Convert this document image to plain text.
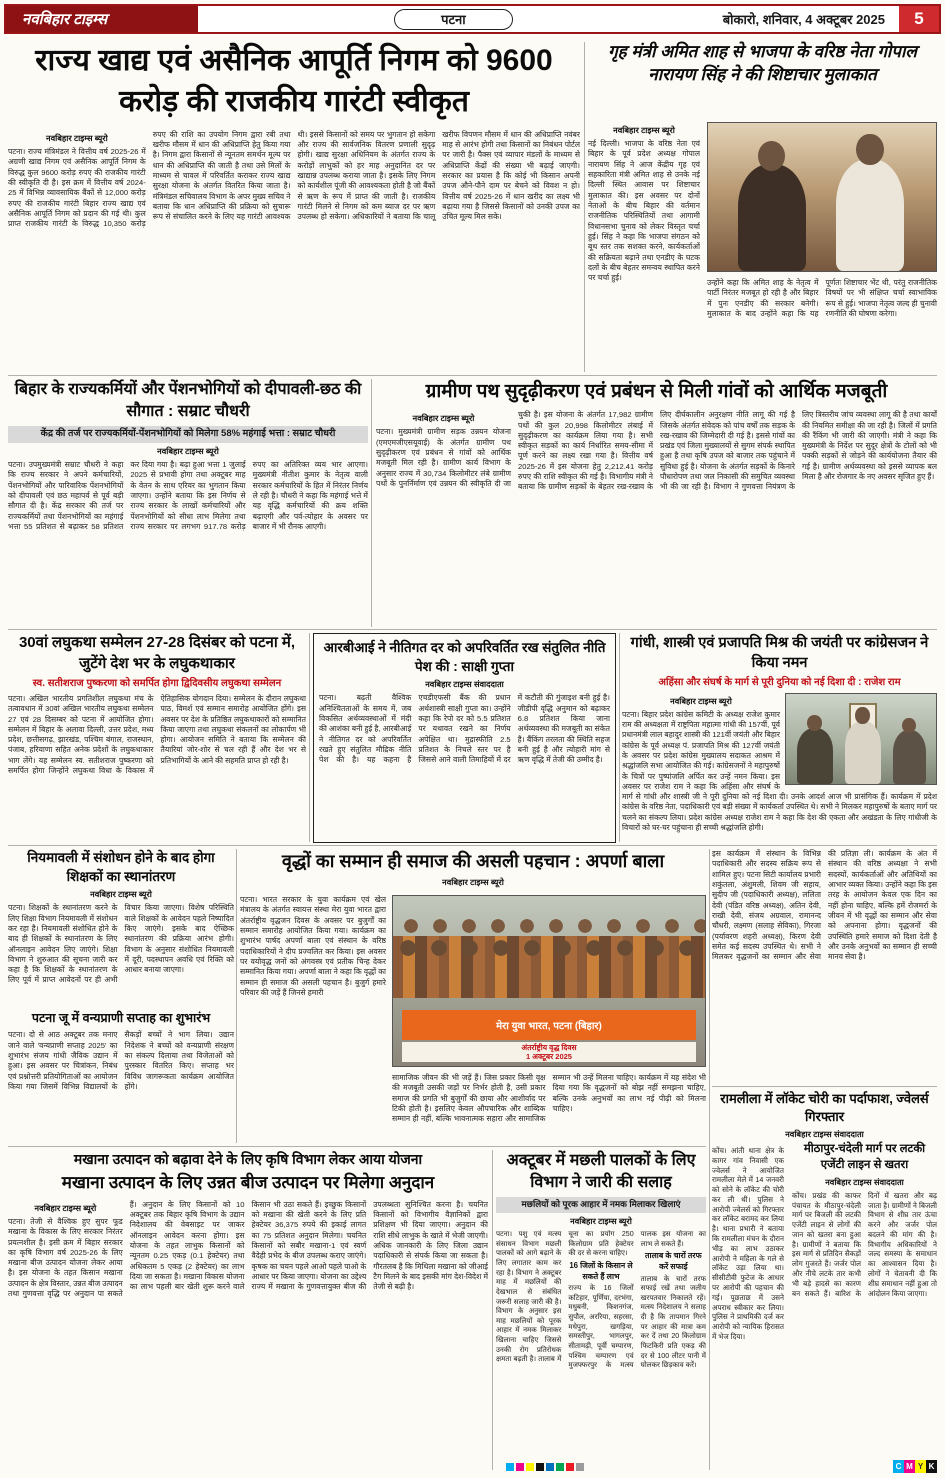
नवबिहार टाइम्स	पटना	बोकारो, शनिवार, 4 अक्टूबर 2025	5
राज्य खाद्य एवं असैनिक आपूर्ति निगम को 9600 करोड़ की राजकीय गारंटी स्वीकृत
नवबिहार टाइम्स ब्यूरो
पटना। राज्य मंत्रिमंडल ने वित्तीय वर्ष 2025-26 में अग्रणी खाद्य निगम एवं असैनिक आपूर्ति निगम के विरुद्ध कुल 9600 करोड़ रुपए की राजकीय गारंटी की स्वीकृति दी है। इस क्रम में वित्तीय वर्ष 2024-25 में विभिन्न व्यावसायिक बैंकों से 12,000 करोड़ रुपए की राजकीय गारंटी बिहार राज्य खाद्य एवं असैनिक आपूर्ति निगम को प्रदान की गई थी। कुल प्राप्त राजकीय गारंटी के विरुद्ध 10,350 करोड़ रुपए की राशि का उपयोग निगम द्वारा रबी तथा खरीफ मौसम में धान की अधिप्राप्ति हेतु किया गया है। निगम द्वारा किसानों से न्यूनतम समर्थन मूल्य पर धान की अधिप्राप्ति की जाती है तथा उसे मिलों के माध्यम से चावल में परिवर्तित कराकर राज्य खाद्य सुरक्षा योजना के अंतर्गत वितरित किया जाता है। मंत्रिमंडल सचिवालय विभाग के अपर मुख्य सचिव ने बताया कि धान अधिप्राप्ति की प्रक्रिया को सुचारू रूप से संचालित करने के लिए यह गारंटी आवश्यक थी। इससे किसानों को समय पर भुगतान हो सकेगा और राज्य की सार्वजनिक वितरण प्रणाली सुदृढ़ होगी। खाद्य सुरक्षा अधिनियम के अंतर्गत राज्य के करोड़ों लाभुकों को हर माह अनुदानित दर पर खाद्यान्न उपलब्ध कराया जाता है। इसके लिए निगम को कार्यशील पूंजी की आवश्यकता होती है जो बैंकों से ऋण के रूप में प्राप्त की जाती है। राजकीय गारंटी मिलने से निगम को कम ब्याज दर पर ऋण उपलब्ध हो सकेगा। अधिकारियों ने बताया कि चालू खरीफ विपणन मौसम में धान की अधिप्राप्ति नवंबर माह से आरंभ होगी तथा किसानों का निबंधन पोर्टल पर जारी है। पैक्स एवं व्यापार मंडलों के माध्यम से अधिप्राप्ति केंद्रों की संख्या भी बढ़ाई जाएगी। सरकार का प्रयास है कि कोई भी किसान अपनी उपज औने-पौने दाम पर बेचने को विवश न हो। वित्तीय वर्ष 2025-26 में धान खरीद का लक्ष्य भी बढ़ाया गया है जिससे किसानों को उनकी उपज का उचित मूल्य मिल सके।
गृह मंत्री अमित शाह से भाजपा के वरिष्ठ नेता गोपाल नारायण सिंह ने की शिष्टाचार मुलाकात
नवबिहार टाइम्स ब्यूरो
नई दिल्ली। भाजपा के वरिष्ठ नेता एवं बिहार के पूर्व प्रदेश अध्यक्ष गोपाल नारायण सिंह ने आज केंद्रीय गृह एवं सहकारिता मंत्री अमित शाह से उनके नई दिल्ली स्थित आवास पर शिष्टाचार मुलाकात की। इस अवसर पर दोनों नेताओं के बीच बिहार की वर्तमान राजनीतिक परिस्थितियों तथा आगामी विधानसभा चुनाव को लेकर विस्तृत चर्चा हुई। सिंह ने कहा कि भाजपा संगठन को बूथ स्तर तक सशक्त करने, कार्यकर्ताओं की सक्रियता बढ़ाने तथा एनडीए के घटक दलों के बीच बेहतर समन्वय स्थापित करने पर चर्चा हुई।
उन्होंने कहा कि अमित शाह के नेतृत्व में पार्टी निरंतर मजबूत हो रही है और बिहार में पुनः एनडीए की सरकार बनेगी। मुलाकात के बाद उन्होंने कहा कि यह पूर्णतः शिष्टाचार भेंट थी, परंतु राजनीतिक विषयों पर भी संक्षिप्त चर्चा स्वाभाविक रूप से हुई। भाजपा नेतृत्व जल्द ही चुनावी रणनीति की घोषणा करेगा।
बिहार के राज्यकर्मियों और पेंशनभोगियों को दीपावली-छठ की सौगात : सम्राट चौधरी
केंद्र की तर्ज पर राज्यकर्मियों-पेंशनभोगियों को मिलेगा 58% महंगाई भत्ता : सम्राट चौधरी
नवबिहार टाइम्स ब्यूरो
पटना। उपमुख्यमंत्री सम्राट चौधरी ने कहा कि राज्य सरकार ने अपने कर्मचारियों, पेंशनभोगियों और पारिवारिक पेंशनभोगियों को दीपावली एवं छठ महापर्व से पूर्व बड़ी सौगात दी है। केंद्र सरकार की तर्ज पर राज्यकर्मियों तथा पेंशनभोगियों का महंगाई भत्ता 55 प्रतिशत से बढ़ाकर 58 प्रतिशत कर दिया गया है। बढ़ा हुआ भत्ता 1 जुलाई 2025 से प्रभावी होगा तथा अक्टूबर माह के वेतन के साथ एरियर का भुगतान किया जाएगा। उन्होंने बताया कि इस निर्णय से राज्य सरकार के लाखों कर्मचारियों और पेंशनभोगियों को सीधा लाभ मिलेगा तथा राज्य सरकार पर लगभग 917.78 करोड़ रुपए का अतिरिक्त व्यय भार आएगा। मुख्यमंत्री नीतीश कुमार के नेतृत्व वाली सरकार कर्मचारियों के हित में निरंतर निर्णय ले रही है। चौधरी ने कहा कि महंगाई भत्ते में यह वृद्धि कर्मचारियों की क्रय शक्ति बढ़ाएगी और पर्व-त्योहार के अवसर पर बाजार में भी रौनक आएगी।
ग्रामीण पथ सुदृढ़ीकरण एवं प्रबंधन से मिली गांवों को आर्थिक मजबूती
नवबिहार टाइम्स ब्यूरो
पटना। मुख्यमंत्री ग्रामीण सड़क उन्नयन योजना (एमएमजीएसयूवाई) के अंतर्गत ग्रामीण पथ सुदृढ़ीकरण एवं प्रबंधन से गांवों को आर्थिक मजबूती मिल रही है। ग्रामीण कार्य विभाग के अनुसार राज्य में 30,734 किलोमीटर लंबे ग्रामीण पथों के पुनर्निर्माण एवं उन्नयन की स्वीकृति दी जा चुकी है। इस योजना के अंतर्गत 17,982 ग्रामीण पथों की कुल 20,998 किलोमीटर लंबाई में सुदृढ़ीकरण का कार्यक्रम लिया गया है। सभी स्वीकृत सड़कों का कार्य निर्धारित समय-सीमा में पूर्ण करने का लक्ष्य रखा गया है। वित्तीय वर्ष 2025-26 में इस योजना हेतु 2,212.41 करोड़ रुपए की राशि स्वीकृत की गई है। विभागीय मंत्री ने बताया कि ग्रामीण सड़कों के बेहतर रख-रखाव के लिए दीर्घकालीन अनुरक्षण नीति लागू की गई है जिसके अंतर्गत संवेदक को पांच वर्षों तक सड़क के रख-रखाव की जिम्मेदारी दी गई है। इससे गांवों का प्रखंड एवं जिला मुख्यालयों से सुगम संपर्क स्थापित हुआ है तथा कृषि उपज को बाजार तक पहुंचाने में सुविधा हुई है। योजना के अंतर्गत सड़कों के किनारे पौधारोपण तथा जल निकासी की समुचित व्यवस्था भी की जा रही है। विभाग ने गुणवत्ता नियंत्रण के लिए त्रिस्तरीय जांच व्यवस्था लागू की है तथा कार्यों की नियमित समीक्षा की जा रही है। जिलों में प्रगति की रैंकिंग भी जारी की जाएगी। मंत्री ने कहा कि मुख्यमंत्री के निर्देश पर सुदूर क्षेत्रों के टोलों को भी पक्की सड़कों से जोड़ने की कार्ययोजना तैयार की गई है। ग्रामीण अर्थव्यवस्था को इससे व्यापक बल मिला है और रोजगार के नए अवसर सृजित हुए हैं।
30वां लघुकथा सम्मेलन 27-28 दिसंबर को पटना में, जुटेंगे देश भर के लघुकथाकार
स्व. सतीशराज पुष्करणा को समर्पित होगा द्विदिवसीय लघुकथा सम्मेलन
पटना। अखिल भारतीय प्रगतिशील लघुकथा मंच के तत्वावधान में 30वां अखिल भारतीय लघुकथा सम्मेलन 27 एवं 28 दिसम्बर को पटना में आयोजित होगा। सम्मेलन में बिहार के अलावा दिल्ली, उत्तर प्रदेश, मध्य प्रदेश, छत्तीसगढ़, झारखंड, पश्चिम बंगाल, राजस्थान, पंजाब, हरियाणा सहित अनेक प्रदेशों के लघुकथाकार भाग लेंगे। यह सम्मेलन स्व. सतीशराज पुष्करणा को समर्पित होगा जिन्होंने लघुकथा विधा के विकास में ऐतिहासिक योगदान दिया। सम्मेलन के दौरान लघुकथा पाठ, विमर्श एवं सम्मान समारोह आयोजित होंगे। इस अवसर पर देश के प्रतिष्ठित लघुकथाकारों को सम्मानित किया जाएगा तथा लघुकथा संकलनों का लोकार्पण भी होगा। आयोजन समिति ने बताया कि सम्मेलन की तैयारियां जोर-शोर से चल रही हैं और देश भर से प्रतिभागियों के आने की सहमति प्राप्त हो रही है।
आरबीआई ने नीतिगत दर को अपरिवर्तित रख संतुलित नीति पेश की : साक्षी गुप्ता
नवबिहार टाइम्स संवाददाता
पटना। बढ़ती वैश्विक अनिश्चितताओं के समय में, जब विकसित अर्थव्यवस्थाओं में मंदी की आशंका बनी हुई है, आरबीआई ने नीतिगत दर को अपरिवर्तित रखते हुए संतुलित मौद्रिक नीति पेश की है। यह कहना है एचडीएफसी बैंक की प्रधान अर्थशास्त्री साक्षी गुप्ता का। उन्होंने कहा कि रेपो दर को 5.5 प्रतिशत पर यथावत रखने का निर्णय अपेक्षित था। मुद्रास्फीति 2.5 प्रतिशत के निचले स्तर पर है जिससे आने वाली तिमाहियों में दर में कटौती की गुंजाइश बनी हुई है। जीडीपी वृद्धि अनुमान को बढ़ाकर 6.8 प्रतिशत किया जाना अर्थव्यवस्था की मजबूती का संकेत है। बैंकिंग तरलता की स्थिति सहज बनी हुई है और त्योहारी मांग से ऋण वृद्धि में तेजी की उम्मीद है।
गांधी, शास्त्री एवं प्रजापति मिश्र की जयंती पर कांग्रेसजन ने किया नमन
अहिंसा और संघर्ष के मार्ग से पूरी दुनिया को नई दिशा दी : राजेश राम
नवबिहार टाइम्स ब्यूरो
पटना। बिहार प्रदेश कांग्रेस कमिटी के अध्यक्ष राजेश कुमार राम की अध्यक्षता में राष्ट्रपिता महात्मा गांधी की 157वीं, पूर्व प्रधानमंत्री लाल बहादुर शास्त्री की 121वीं जयंती और बिहार कांग्रेस के पूर्व अध्यक्ष पं. प्रजापति मिश्र की 127वीं जयंती के अवसर पर प्रदेश कांग्रेस मुख्यालय सदाकत आश्रम में श्रद्धांजलि सभा आयोजित की गई। कांग्रेसजनों ने महापुरुषों के चित्रों पर पुष्पांजलि अर्पित कर उन्हें नमन किया। इस अवसर पर राजेश राम ने कहा कि अहिंसा और संघर्ष के मार्ग से गांधी और शास्त्री जी ने पूरी दुनिया को नई दिशा दी। उनके आदर्श आज भी प्रासंगिक हैं। कार्यक्रम में प्रदेश कांग्रेस के वरिष्ठ नेता, पदाधिकारी एवं बड़ी संख्या में कार्यकर्ता उपस्थित थे। सभी ने मिलकर महापुरुषों के बताए मार्ग पर चलने का संकल्प लिया। प्रदेश कांग्रेस अध्यक्ष राजेश राम ने कहा कि देश की एकता और अखंडता के लिए गांधीजी के विचारों को घर-घर पहुंचाना ही सच्ची श्रद्धांजलि होगी।
नियमावली में संशोधन होने के बाद होगा शिक्षकों का स्थानांतरण
नवबिहार टाइम्स ब्यूरो
पटना। शिक्षकों के स्थानांतरण करने के लिए शिक्षा विभाग नियमावली में संशोधन कर रहा है। नियमावली संशोधित होने के बाद ही शिक्षकों के स्थानांतरण के लिए ऑनलाइन आवेदन लिए जाएंगे। शिक्षा विभाग ने शुरुआत की सूचना जारी कर कहा है कि शिक्षकों के स्थानांतरण के लिए पूर्व में प्राप्त आवेदनों पर ही अभी विचार किया जाएगा। विशेष परिस्थिति वाले शिक्षकों के आवेदन पहले निष्पादित किए जाएंगे। इसके बाद ऐच्छिक स्थानांतरण की प्रक्रिया आरंभ होगी। विभाग के अनुसार संशोधित नियमावली में दूरी, पदस्थापन अवधि एवं रिक्ति को आधार बनाया जाएगा।
पटना जू में वन्यप्राणी सप्ताह का शुभारंभ
पटना। दो से आठ अक्टूबर तक मनाए जाने वाले 'वन्यप्राणी सप्ताह 2025' का शुभारंभ संजय गांधी जैविक उद्यान में हुआ। इस अवसर पर चित्रांकन, निबंध एवं प्रश्नोत्तरी प्रतियोगिताओं का आयोजन किया गया जिसमें विभिन्न विद्यालयों के सैकड़ों बच्चों ने भाग लिया। उद्यान निदेशक ने बच्चों को वन्यप्राणी संरक्षण का संकल्प दिलाया तथा विजेताओं को पुरस्कार वितरित किए। सप्ताह भर विविध जागरूकता कार्यक्रम आयोजित होंगे।
वृद्धों का सम्मान ही समाज की असली पहचान : अपर्णा बाला
नवबिहार टाइम्स ब्यूरो
पटना। भारत सरकार के युवा कार्यक्रम एवं खेल मंत्रालय के अंतर्गत स्वायत्त संस्था मेरा युवा भारत द्वारा अंतर्राष्ट्रीय वृद्धजन दिवस के अवसर पर बुजुर्गों का सम्मान समारोह आयोजित किया गया। कार्यक्रम का शुभारंभ पार्षद अपर्णा बाला एवं संस्थान के वरिष्ठ पदाधिकारियों ने दीप प्रज्वलित कर किया। इस अवसर पर वयोवृद्ध जनों को अंगवस्त्र एवं प्रतीक चिन्ह देकर सम्मानित किया गया। अपर्णा बाला ने कहा कि वृद्धों का सम्मान ही समाज की असली पहचान है। बुजुर्ग हमारे परिवार की जड़ें हैं जिनसे हमारी
मेरा युवा भारत, पटना (बिहार)
अंतर्राष्ट्रीय वृद्ध दिवस
1 अक्टूबर 2025
सामाजिक जीवन की भी जड़ें हैं। जिस प्रकार किसी वृक्ष की मजबूती उसकी जड़ों पर निर्भर होती है, उसी प्रकार समाज की प्रगति भी बुजुर्गों की छाया और आशीर्वाद पर टिकी होती है। इसलिए केवल औपचारिक और शाब्दिक सम्मान ही नहीं, बल्कि भावनात्मक सहारा और सामाजिक सम्मान भी उन्हें मिलना चाहिए। कार्यक्रम में यह संदेश भी दिया गया कि वृद्धजनों को बोझ नहीं समझना चाहिए, बल्कि उनके अनुभवों का लाभ नई पीढ़ी को मिलना चाहिए।
इस कार्यक्रम में संस्थान के विभिन्न पदाधिकारी और सदस्य सक्रिय रूप से शामिल हुए। पटना सिटी कार्यालय प्रभारी शकुंतला, अंशुमली, शिवम जी सहाय, सुदीप जी (पदाधिकारी अध्यक्ष), ललिता देवी (पंडित वरिष्ठ अध्यक्ष), अतिन देवी, राखी देवी, संजय अग्रवाल, रामानन्द चौधरी, लक्ष्मण (सलाह सेविका), गिरजा (पर्यावरण शहरी अध्यक्ष), किरण देवी समेत कई सदस्य उपस्थित थे। सभी ने मिलकर वृद्धजनों का सम्मान और सेवा की प्रतिज्ञा ली। कार्यक्रम के अंत में संस्थान की वरिष्ठ अध्यक्षा ने सभी सदस्यों, कार्यकर्ताओं और अतिथियों का आभार व्यक्त किया। उन्होंने कहा कि इस तरह के आयोजन केवल एक दिन का नहीं होना चाहिए, बल्कि हमें रोजमर्रा के जीवन में भी वृद्धों का सम्मान और सेवा को अपनाना होगा। वृद्धजनों की उपस्थिति हमारे समाज को दिशा देती है और उनके अनुभवों का सम्मान ही सच्ची मानव सेवा है।
रामलीला में लॉकेट चोरी का पर्दाफाश, ज्वेलर्स गिरफ्तार
नवबिहार टाइम्स संवाददाता
कोंच। आंती थाना क्षेत्र के कागर गांव निवासी एक ज्वेलर्स ने आयोजित रामलीला मेले में 14 जनवरी को सोने के लॉकेट की चोरी कर ली थी। पुलिस ने आरोपी ज्वेलर्स को गिरफ्तार कर लॉकेट बरामद कर लिया है। थाना प्रभारी ने बताया कि रामलीला मंचन के दौरान भीड़ का लाभ उठाकर आरोपी ने महिला के गले से लॉकेट उड़ा लिया था। सीसीटीवी फुटेज के आधार पर आरोपी की पहचान की गई। पूछताछ में उसने अपराध स्वीकार कर लिया। पुलिस ने प्राथमिकी दर्ज कर आरोपी को न्यायिक हिरासत में भेज दिया।
मीठापुर-चंदेली मार्ग पर लटकी एजेंटी लाइन से खतरा
नवबिहार टाइम्स संवाददाता
कोंच। प्रखंड की काफर पंचायत के मीठापुर-चंदेली मार्ग पर बिजली की लटकी एजेंटी लाइन से लोगों की जान को खतरा बना हुआ है। ग्रामीणों ने बताया कि इस मार्ग से प्रतिदिन सैकड़ों लोग गुजरते हैं। जर्जर पोल और नीचे लटके तार कभी भी बड़े हादसे का कारण बन सकते हैं। बारिश के दिनों में खतरा और बढ़ जाता है। ग्रामीणों ने बिजली विभाग से शीघ्र तार ऊंचा करने और जर्जर पोल बदलने की मांग की है। विभागीय अधिकारियों ने जल्द समस्या के समाधान का आश्वासन दिया है। लोगों ने चेतावनी दी कि शीघ्र समाधान नहीं हुआ तो आंदोलन किया जाएगा।
मखाना उत्पादन को बढ़ावा देने के लिए कृषि विभाग लेकर आया योजना
मखाना उत्पादन के लिए उन्नत बीज उत्पादन पर मिलेगा अनुदान
नवबिहार टाइम्स ब्यूरो
पटना। तेजी से वैश्विक हुए सुपर फूड मखाना के विकास के लिए सरकार निरंतर प्रयत्नशील है। इसी क्रम में बिहार सरकार का कृषि विभाग वर्ष 2025-26 के लिए मखाना बीज उत्पादन योजना लेकर आया है। इस योजना के तहत किसान मखाना उत्पादन के क्षेत्र विस्तार, उन्नत बीज उत्पादन तथा गुणवत्ता वृद्धि पर अनुदान पा सकते हैं। अनुदान के लिए किसानों को 10 अक्टूबर तक बिहार कृषि विभाग के उद्यान निदेशालय की वेबसाइट पर जाकर ऑनलाइन आवेदन करना होगा। इस योजना के तहत लाभुक किसानों को न्यूनतम 0.25 एकड़ (0.1 हेक्टेयर) तथा अधिकतम 5 एकड़ (2 हेक्टेयर) का लाभ दिया जा सकता है। मखाना विकास योजना का लाभ पहली बार खेती शुरू करने वाले किसान भी उठा सकते हैं। इच्छुक किसानों को मखाना की खेती करने के लिए प्रति हेक्टेयर 36,375 रुपये की इकाई लागत का 75 प्रतिशत अनुदान मिलेगा। चयनित किसानों को सबौर मखाना-1 एवं स्वर्ण वैदेही प्रभेद के बीज उपलब्ध कराए जाएंगे। कृषक का चयन पहले आओ पहले पाओ के आधार पर किया जाएगा। योजना का उद्देश्य राज्य में मखाना के गुणवत्तायुक्त बीज की उपलब्धता सुनिश्चित करना है। चयनित किसानों को विभागीय वैज्ञानिकों द्वारा प्रशिक्षण भी दिया जाएगा। अनुदान की राशि सीधे लाभुक के खाते में भेजी जाएगी। अधिक जानकारी के लिए जिला उद्यान पदाधिकारी से संपर्क किया जा सकता है। गौरतलब है कि मिथिला मखाना को जीआई टैग मिलने के बाद इसकी मांग देश-विदेश में तेजी से बढ़ी है।
अक्टूबर में मछली पालकों के लिए विभाग ने जारी की सलाह
मछलियों को पूरक आहार में नमक मिलाकर खिलाएं
नवबिहार टाइम्स ब्यूरो
पटना। पशु एवं मत्स्य संसाधन विभाग मछली पालकों को आगे बढ़ाने के लिए लगातार काम कर रहा है। विभाग ने अक्टूबर माह में मछलियों की देखभाल से संबंधित जरूरी सलाह जारी की है। विभाग के अनुसार इस माह मछलियों को पूरक आहार में नमक मिलाकर खिलाना चाहिए जिससे उनकी रोग प्रतिरोधक क्षमता बढ़ती है। तालाब में चूना का प्रयोग 250 किलोग्राम प्रति हेक्टेयर की दर से करना चाहिए।
16 जिलों के किसान ले सकते हैं लाभ
राज्य के 16 जिलों कटिहार, पूर्णिया, दरभंगा, मधुबनी, किशनगंज, सुपौल, अररिया, सहरसा, मधेपुरा, खगड़िया, समस्तीपुर, भागलपुर, सीतामढ़ी, पूर्वी चम्पारण, पश्चिम चम्पारण एवं मुजफ्फरपुर के मत्स्य पालक इस योजना का लाभ ले सकते हैं।
तालाब के चारों तरफ करें सफाई
तालाब के चारों तरफ सफाई रखें तथा जलीय खरपतवार निकालते रहें। मत्स्य निदेशालय ने सलाह दी है कि तापमान गिरने पर आहार की मात्रा कम कर दें तथा 20 किलोग्राम फिटकिरी प्रति एकड़ की दर से 100 लीटर पानी में घोलकर छिड़काव करें।
C M Y K
